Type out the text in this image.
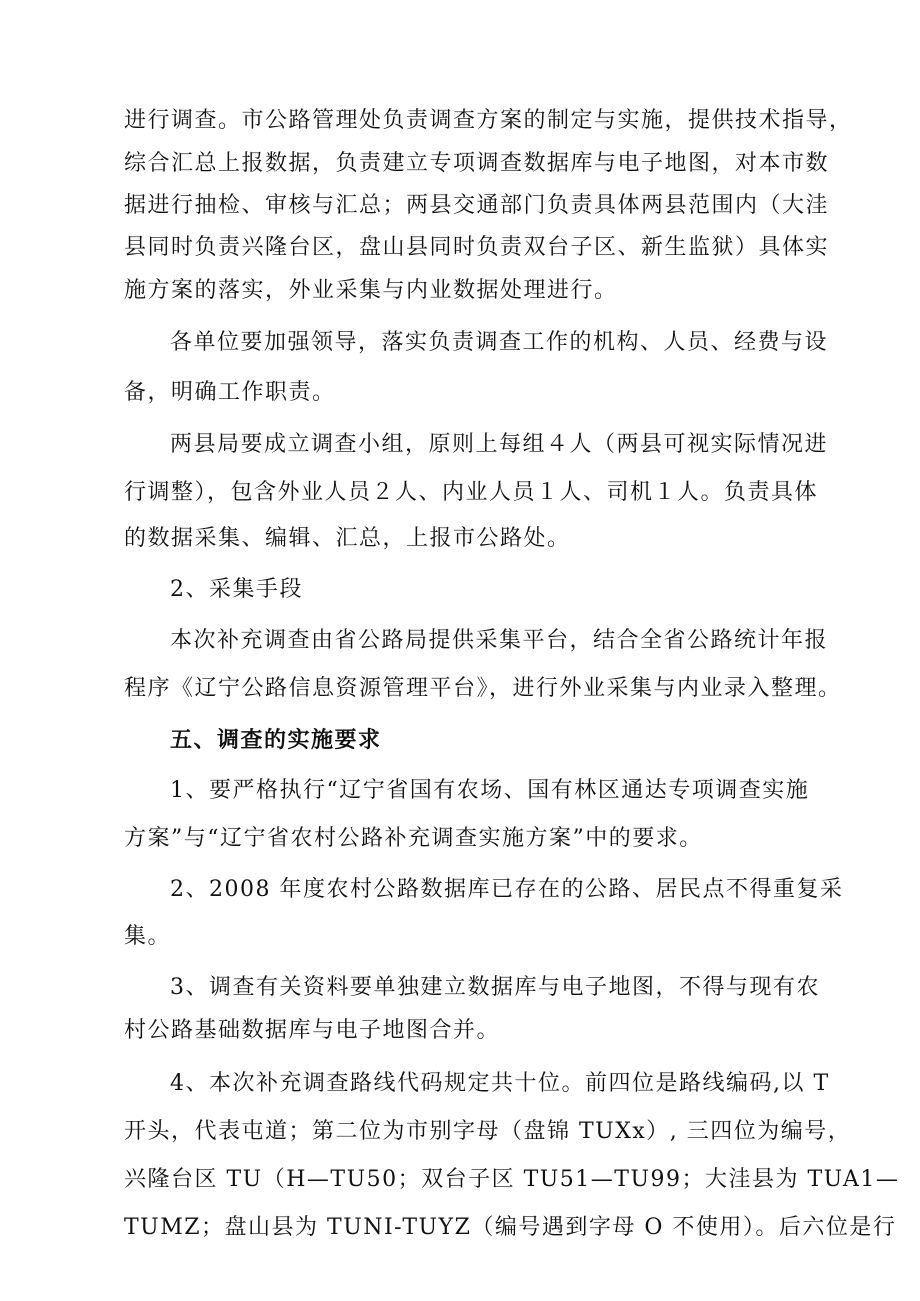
进行调查。市公路管理处负责调查方案的制定与实施，提供技术指导，
综合汇总上报数据，负责建立专项调查数据库与电子地图，对本市数
据进行抽检、审核与汇总；两县交通部门负责具体两县范围内（大洼
县同时负责兴隆台区，盘山县同时负责双台子区、新生监狱）具体实
施方案的落实，外业采集与内业数据处理进行。
各单位要加强领导，落实负责调查工作的机构、人员、经费与设
备，明确工作职责。
两县局要成立调查小组，原则上每组４人（两县可视实际情况进
行调整），包含外业人员２人、内业人员１人、司机１人。负责具体
的数据采集、编辑、汇总，上报市公路处。
2、采集手段
本次补充调查由省公路局提供采集平台，结合全省公路统计年报
程序《辽宁公路信息资源管理平台》，进行外业采集与内业录入整理。
五、调查的实施要求
1、要严格执行“辽宁省国有农场、国有林区通达专项调查实施
方案”与“辽宁省农村公路补充调查实施方案”中的要求。
2、2008 年度农村公路数据库已存在的公路、居民点不得重复采
集。
3、调查有关资料要单独建立数据库与电子地图，不得与现有农
村公路基础数据库与电子地图合并。
4、本次补充调查路线代码规定共十位。前四位是路线编码,以 T
开头，代表屯道；第二位为市别字母（盘锦 TUXx）, 三四位为编号，
兴隆台区 TU（H—TU50；双台子区 TU51—TU99；大洼县为 TUA1—
TUMZ；盘山县为 TUNI-TUYZ（编号遇到字母 O 不使用）。后六位是行
